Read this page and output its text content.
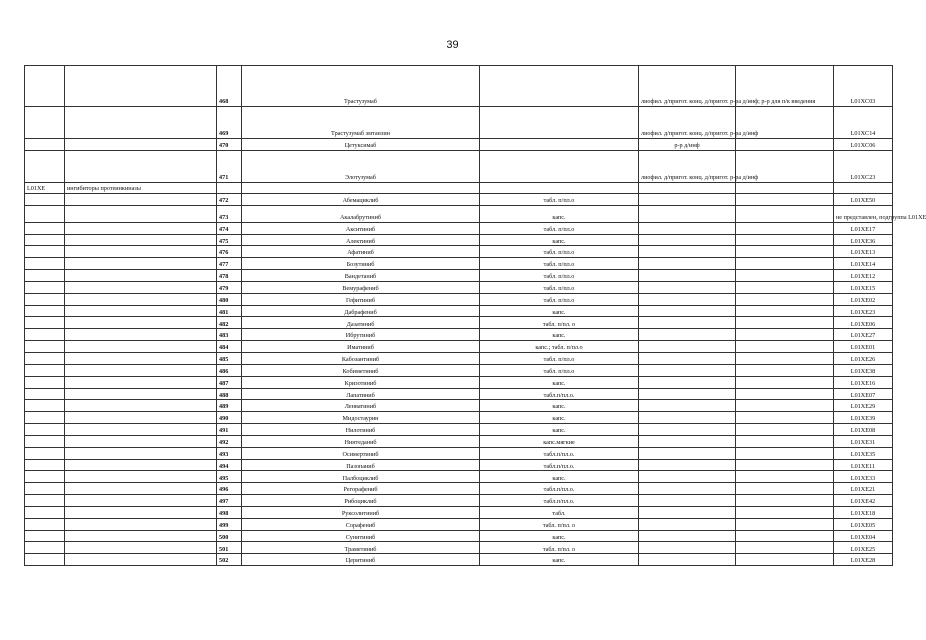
39
		468	Трастузумаб		лиофил. д/пригот. конц. д/пригот. р-ра д/инф; р-р для п/к введения		L01XC03
		469	Трастузумаб эмтанзин		лиофил. д/пригот. конц. д/пригот. р-ра д/инф		L01XC14
		470	Цетуксимаб		р-р д/инф		L01XC06
		471	Элотузумаб		лиофил. д/пригот. конц. д/пригот. р-ра д/инф		L01XC23
L01XE	ингибиторы протеинкиназы						
		472	Абемациклиб	табл. п/пл.о			L01XE50
		473	Акалабрутиниб	капс.			не представлен, подгруппа L01XE
		474	Акситиниб	табл. п/пл.о			L01XE17
		475	Алектиниб	капс.			L01XE36
		476	Афатиниб	табл. п/пл.о			L01XE13
		477	Бозутиниб	табл. п/пл.о			L01XE14
		478	Вандетаниб	табл. п/пл.о			L01XE12
		479	Вемурафениб	табл. п/пл.о			L01XE15
		480	Гефитиниб	табл. п/пл.о			L01XE02
		481	Дабрафениб	капс.			L01XE23
		482	Дазатиниб	табл. п/пл. о			L01XE06
		483	Ибрутиниб	капс.			L01XE27
		484	Иматиниб	капс.; табл. п/пл.о			L01XE01
		485	Кабозантиниб	табл. п/пл.о			L01XE26
		486	Кобиметиниб	табл. п/пл.о			L01XE38
		487	Кризотиниб	капс.			L01XE16
		488	Лапатиниб	табл.п/пл.о.			L01XE07
		489	Ленватиниб	капс.			L01XE29
		490	Мидостаурин	капс.			L01XE39
		491	Нилотиниб	капс.			L01XE08
		492	Нинтеданиб	капс.мягкие			L01XE31
		493	Осимертиниб	табл.п/пл.о.			L01XE35
		494	Пазопаниб	табл.п/пл.о.			L01XE11
		495	Палбоциклиб	капс.			L01XE33
		496	Регорафениб	табл.п/пл.о.			L01XE21
		497	Рибоциклиб	табл.п/пл.о.			L01XE42
		498	Руксолитиниб	табл.			L01XE18
		499	Сорафениб	табл. п/пл. о			L01XE05
		500	Сунитиниб	капс.			L01XE04
		501	Траметиниб	табл. п/пл. о			L01XE25
		502	Церитиниб	капс.			L01XE28
